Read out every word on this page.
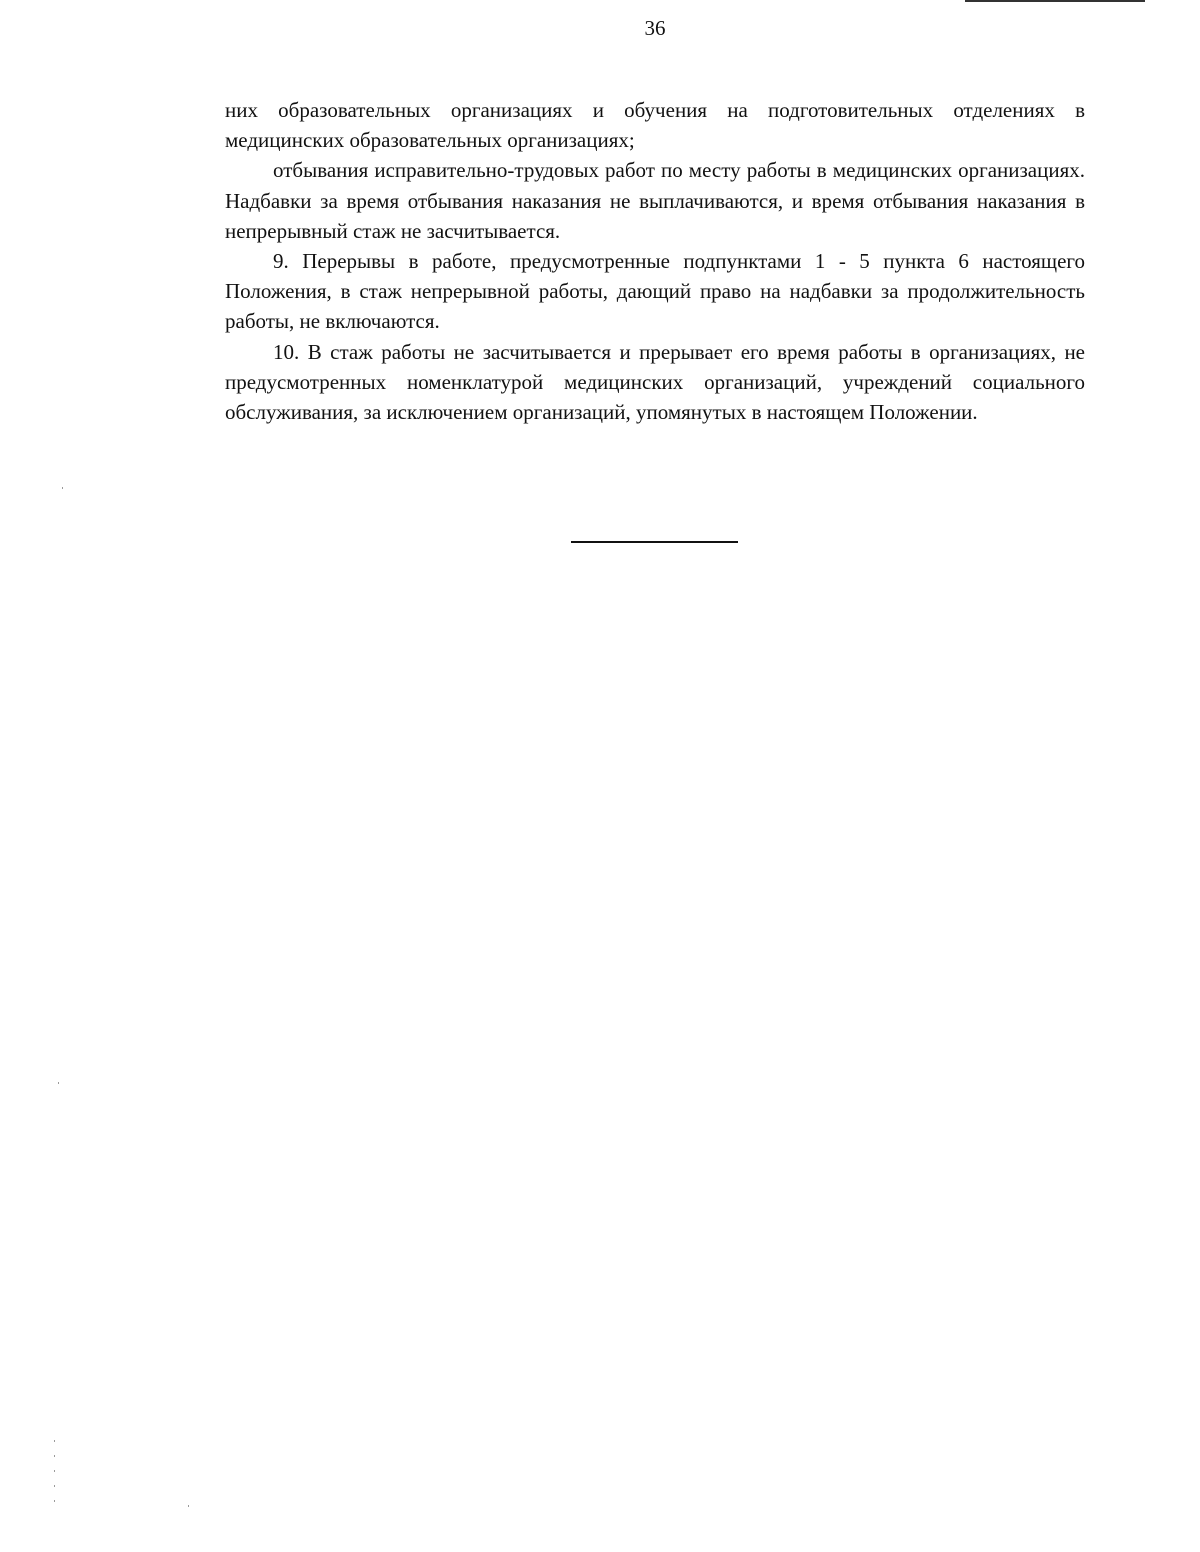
36

них образовательных организациях и обучения на подготовительных отделениях в медицинских образовательных организациях;

отбывания исправительно-трудовых работ по месту работы в медицинских организациях. Надбавки за время отбывания наказания не выплачиваются, и время отбывания наказания в непрерывный стаж не засчитывается.

9. Перерывы в работе, предусмотренные подпунктами 1 - 5 пункта 6 настоящего Положения, в стаж непрерывной работы, дающий право на надбавки за продолжительность работы, не включаются.

10. В стаж работы не засчитывается и прерывает его время работы в организациях, не предусмотренных номенклатурой медицинских организаций, учреждений социального обслуживания, за исключением организаций, упомянутых в настоящем Положении.
